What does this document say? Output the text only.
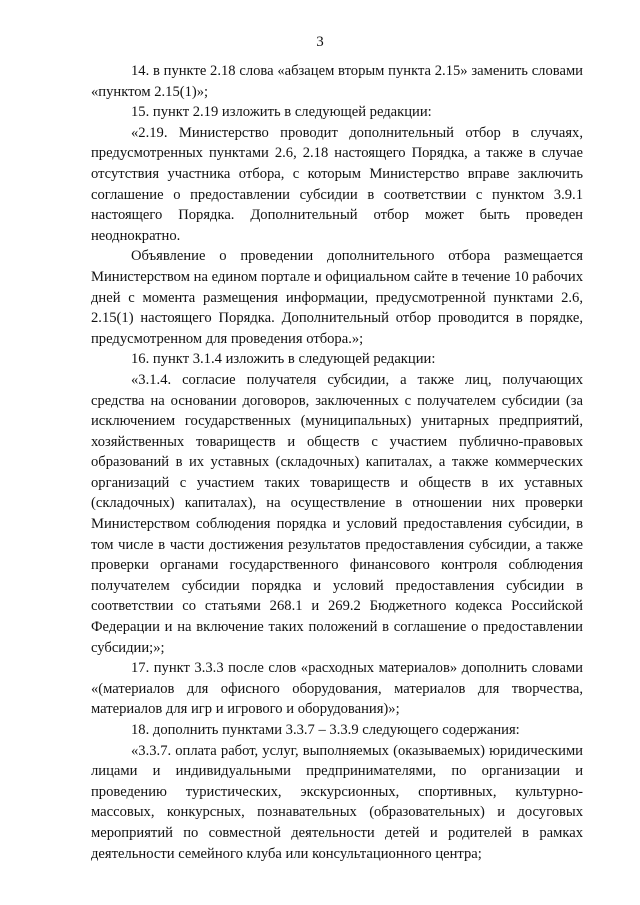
3

14. в пункте 2.18 слова «абзацем вторым пункта 2.15» заменить словами «пунктом 2.15(1)»;

15. пункт 2.19 изложить в следующей редакции:

«2.19. Министерство проводит дополнительный отбор в случаях, предусмотренных пунктами 2.6, 2.18 настоящего Порядка, а также в случае отсутствия участника отбора, с которым Министерство вправе заключить соглашение о предоставлении субсидии в соответствии с пунктом 3.9.1 настоящего Порядка. Дополнительный отбор может быть проведен неоднократно.

Объявление о проведении дополнительного отбора размещается Министерством на едином портале и официальном сайте в течение 10 рабочих дней с момента размещения информации, предусмотренной пунктами 2.6, 2.15(1) настоящего Порядка. Дополнительный отбор проводится в порядке, предусмотренном для проведения отбора.»;

16. пункт 3.1.4 изложить в следующей редакции:

«3.1.4. согласие получателя субсидии, а также лиц, получающих средства на основании договоров, заключенных с получателем субсидии (за исключением государственных (муниципальных) унитарных предприятий, хозяйственных товариществ и обществ с участием публично-правовых образований в их уставных (складочных) капиталах, а также коммерческих организаций с участием таких товариществ и обществ в их уставных (складочных) капиталах), на осуществление в отношении них проверки Министерством соблюдения порядка и условий предоставления субсидии, в том числе в части достижения результатов предоставления субсидии, а также проверки органами государственного финансового контроля соблюдения получателем субсидии порядка и условий предоставления субсидии в соответствии со статьями 268.1 и 269.2 Бюджетного кодекса Российской Федерации и на включение таких положений в соглашение о предоставлении субсидии;»;

17. пункт 3.3.3 после слов «расходных материалов» дополнить словами «(материалов для офисного оборудования, материалов для творчества, материалов для игр и игрового и оборудования)»;

18. дополнить пунктами 3.3.7 – 3.3.9 следующего содержания:

«3.3.7. оплата работ, услуг, выполняемых (оказываемых) юридическими лицами и индивидуальными предпринимателями, по организации и проведению туристических, экскурсионных, спортивных, культурно-массовых, конкурсных, познавательных (образовательных) и досуговых мероприятий по совместной деятельности детей и родителей в рамках деятельности семейного клуба или консультационного центра;
